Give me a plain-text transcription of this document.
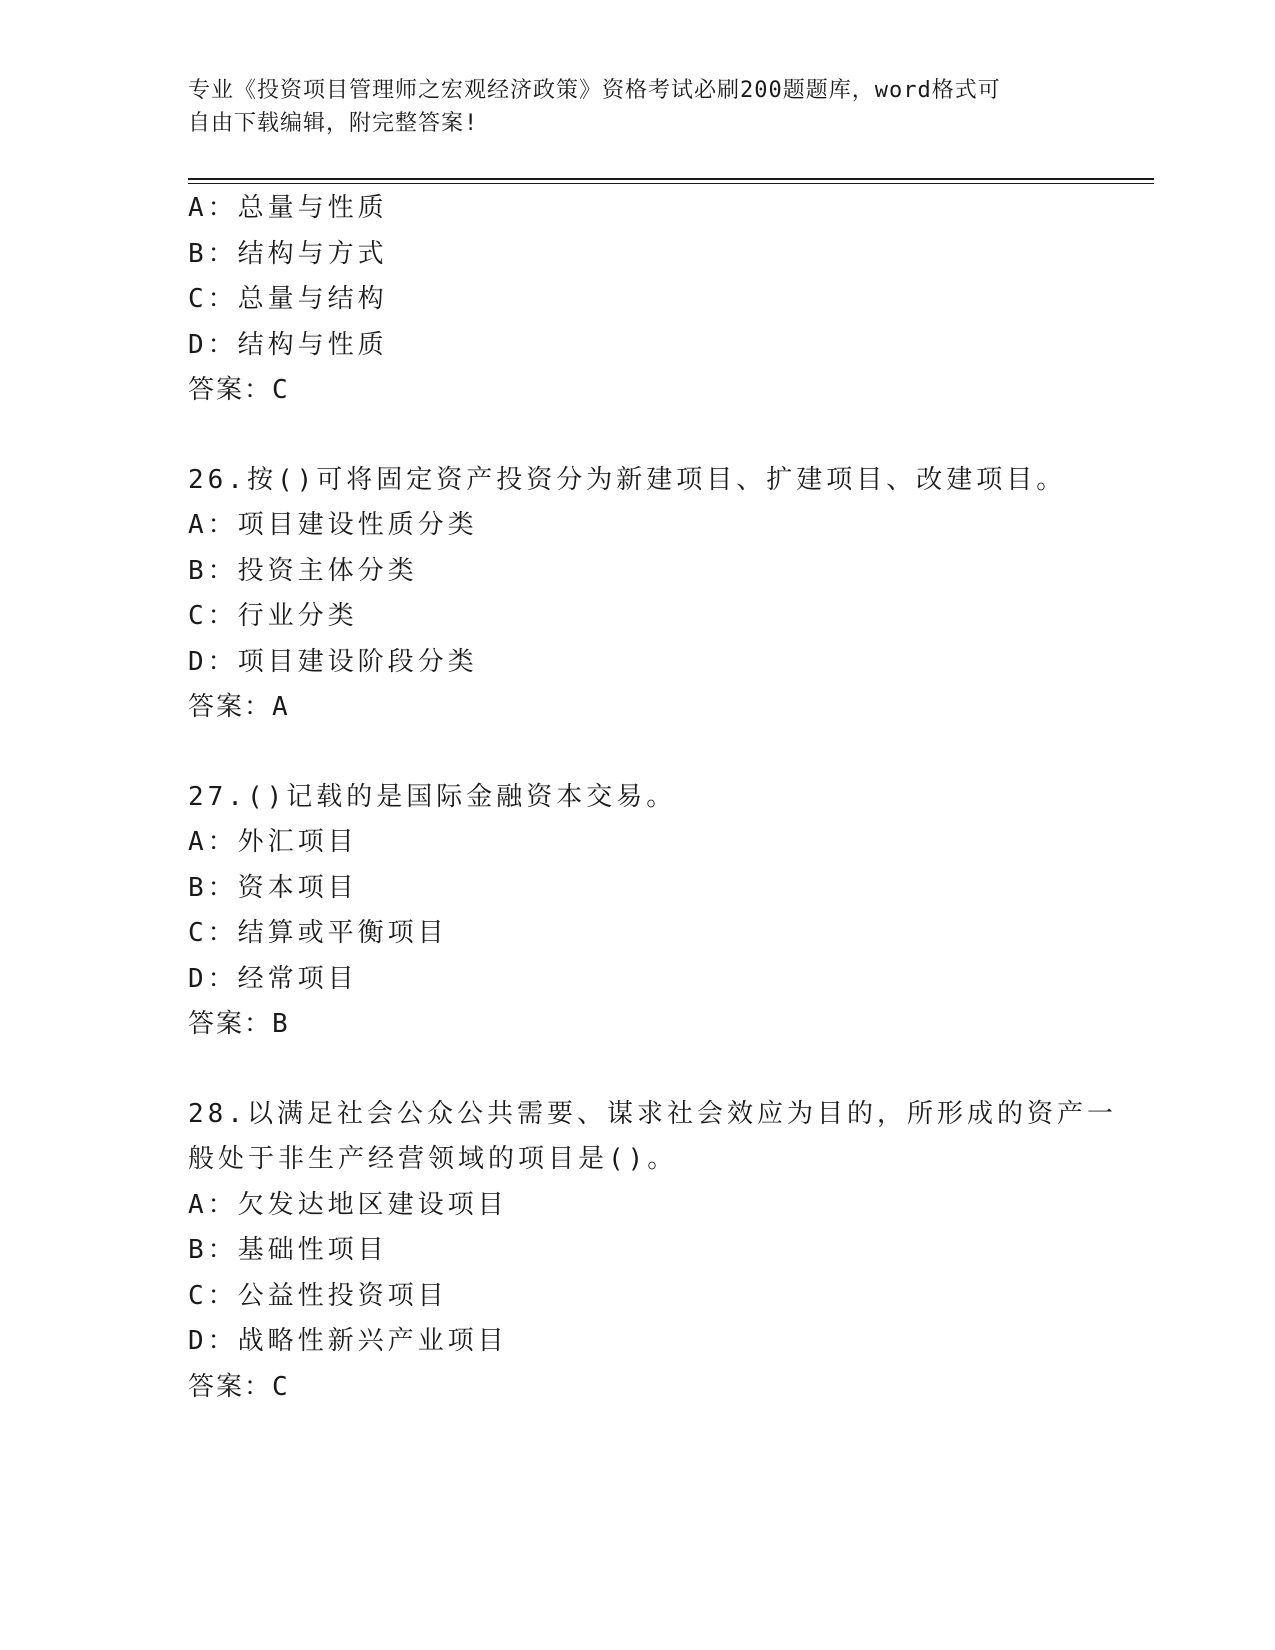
专业《投资项目管理师之宏观经济政策》资格考试必刷200题题库，word格式可
自由下载编辑，附完整答案!
A：总量与性质
B：结构与方式
C：总量与结构
D：结构与性质
答案：C
26.按()可将固定资产投资分为新建项目、扩建项目、改建项目。
A：项目建设性质分类
B：投资主体分类
C：行业分类
D：项目建设阶段分类
答案：A
27.()记载的是国际金融资本交易。
A：外汇项目
B：资本项目
C：结算或平衡项目
D：经常项目
答案：B
28.以满足社会公众公共需要、谋求社会效应为目的，所形成的资产一
般处于非生产经营领域的项目是()。
A：欠发达地区建设项目
B：基础性项目
C：公益性投资项目
D：战略性新兴产业项目
答案：C
